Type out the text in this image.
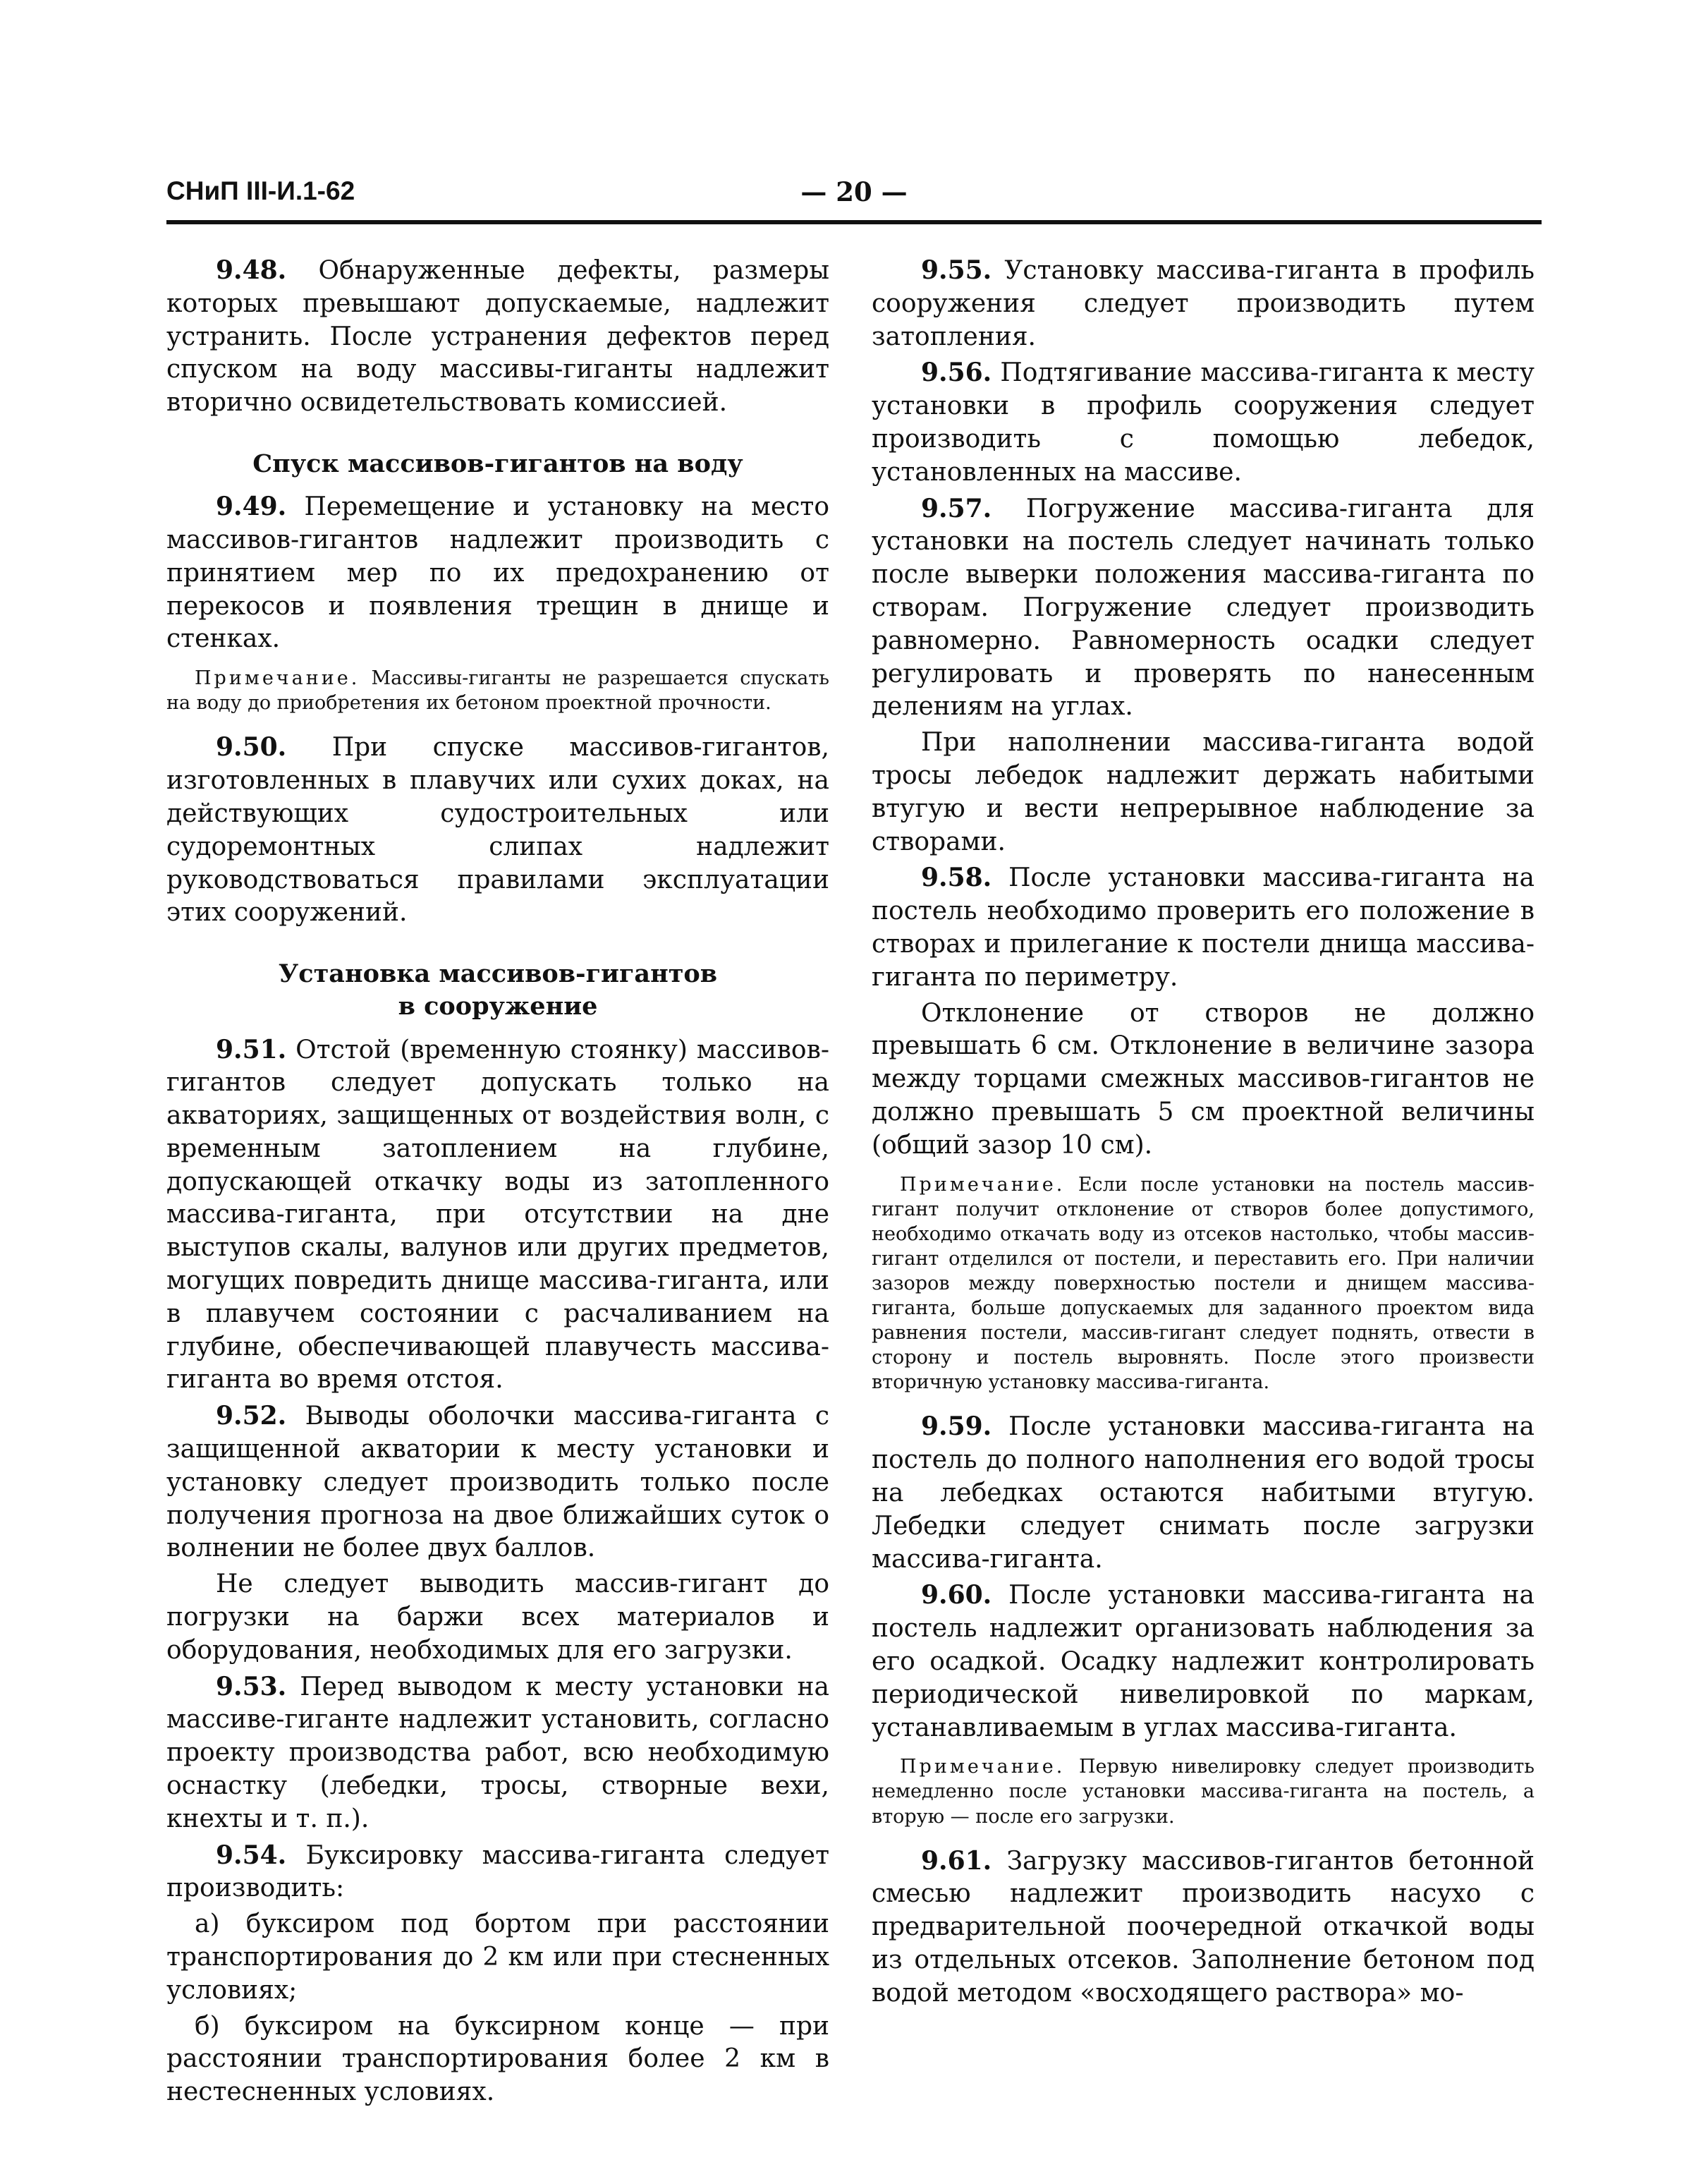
СНиП III-И.1-62	— 20 —

9.48. Обнаруженные дефекты, размеры которых превышают допускаемые, надлежит устранить. После устранения дефектов перед спуском на воду массивы-гиганты надлежит вторично освидетельствовать комиссией.

Спуск массивов-гигантов на воду

9.49. Перемещение и установку на место массивов-гигантов надлежит производить с принятием мер по их предохранению от перекосов и появления трещин в днище и стенках.

Примечание. Массивы-гиганты не разрешается спускать на воду до приобретения их бетоном проектной прочности.

9.50. При спуске массивов-гигантов, изготовленных в плавучих или сухих доках, на действующих судостроительных или судоремонтных слипах надлежит руководствоваться правилами эксплуатации этих сооружений.

Установка массивов-гигантов
в сооружение

9.51. Отстой (временную стоянку) массивов-гигантов следует допускать только на акваториях, защищенных от воздействия волн, с временным затоплением на глубине, допускающей откачку воды из затопленного массива-гиганта, при отсутствии на дне выступов скалы, валунов или других предметов, могущих повредить днище массива-гиганта, или в плавучем состоянии с расчаливанием на глубине, обеспечивающей плавучесть массива-гиганта во время отстоя.

9.52. Выводы оболочки массива-гиганта с защищенной акватории к месту установки и установку следует производить только после получения прогноза на двое ближайших суток о волнении не более двух баллов.

Не следует выводить массив-гигант до погрузки на баржи всех материалов и оборудования, необходимых для его загрузки.

9.53. Перед выводом к месту установки на массиве-гиганте надлежит установить, согласно проекту производства работ, всю необходимую оснастку (лебедки, тросы, створные вехи, кнехты и т. п.).

9.54. Буксировку массива-гиганта следует производить:

а) буксиром под бортом при расстоянии транспортирования до 2 км или при стесненных условиях;

б) буксиром на буксирном конце — при расстоянии транспортирования более 2 км в нестесненных условиях.

9.55. Установку массива-гиганта в профиль сооружения следует производить путем затопления.

9.56. Подтягивание массива-гиганта к месту установки в профиль сооружения следует производить с помощью лебедок, установленных на массиве.

9.57. Погружение массива-гиганта для установки на постель следует начинать только после выверки положения массива-гиганта по створам. Погружение следует производить равномерно. Равномерность осадки следует регулировать и проверять по нанесенным делениям на углах.

При наполнении массива-гиганта водой тросы лебедок надлежит держать набитыми втугую и вести непрерывное наблюдение за створами.

9.58. После установки массива-гиганта на постель необходимо проверить его положение в створах и прилегание к постели днища массива-гиганта по периметру.

Отклонение от створов не должно превышать 6 см. Отклонение в величине зазора между торцами смежных массивов-гигантов не должно превышать 5 см проектной величины (общий зазор 10 см).

Примечание. Если после установки на постель массив-гигант получит отклонение от створов более допустимого, необходимо откачать воду из отсеков настолько, чтобы массив-гигант отделился от постели, и переставить его. При наличии зазоров между поверхностью постели и днищем массива-гиганта, больше допускаемых для заданного проектом вида равнения постели, массив-гигант следует поднять, отвести в сторону и постель выровнять. После этого произвести вторичную установку массива-гиганта.

9.59. После установки массива-гиганта на постель до полного наполнения его водой тросы на лебедках остаются набитыми втугую. Лебедки следует снимать после загрузки массива-гиганта.

9.60. После установки массива-гиганта на постель надлежит организовать наблюдения за его осадкой. Осадку надлежит контролировать периодической нивелировкой по маркам, устанавливаемым в углах массива-гиганта.

Примечание. Первую нивелировку следует производить немедленно после установки массива-гиганта на постель, а вторую — после его загрузки.

9.61. Загрузку массивов-гигантов бетонной смесью надлежит производить насухо с предварительной поочередной откачкой воды из отдельных отсеков. Заполнение бетоном под водой методом «восходящего раствора» мо-
